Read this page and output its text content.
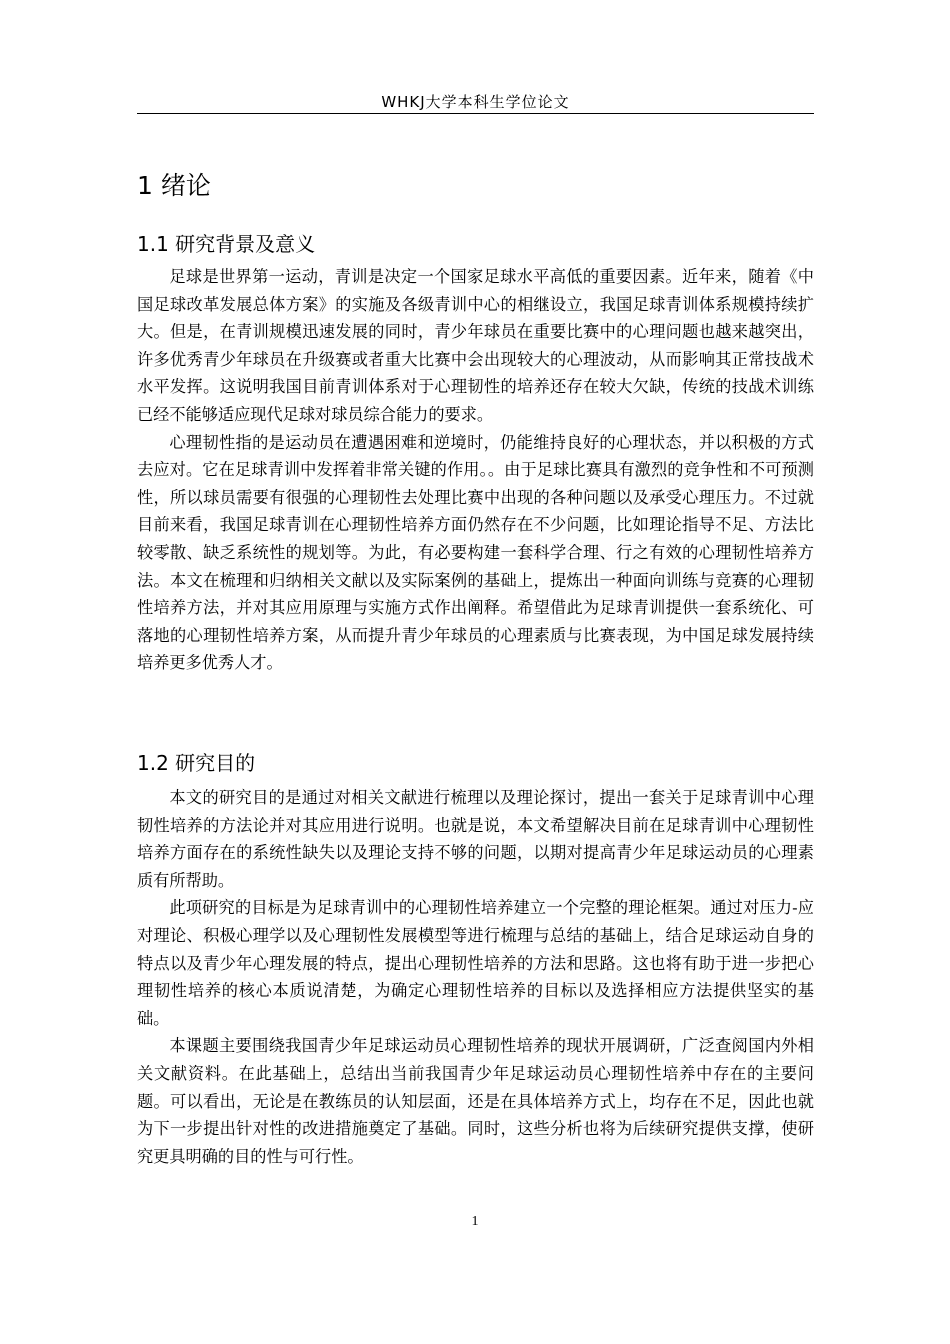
WHKJ大学本科生学位论文
1 绪论
1.1 研究背景及意义

足球是世界第一运动，青训是决定一个国家足球水平高低的重要因素。近年来，随着《中国足球改革发展总体方案》的实施及各级青训中心的相继设立，我国足球青训体系规模持续扩大。但是，在青训规模迅速发展的同时，青少年球员在重要比赛中的心理问题也越来越突出，许多优秀青少年球员在升级赛或者重大比赛中会出现较大的心理波动，从而影响其正常技战术水平发挥。这说明我国目前青训体系对于心理韧性的培养还存在较大欠缺，传统的技战术训练已经不能够适应现代足球对球员综合能力的要求。

心理韧性指的是运动员在遭遇困难和逆境时，仍能维持良好的心理状态，并以积极的方式去应对。它在足球青训中发挥着非常关键的作用。。由于足球比赛具有激烈的竞争性和不可预测性，所以球员需要有很强的心理韧性去处理比赛中出现的各种问题以及承受心理压力。不过就目前来看，我国足球青训在心理韧性培养方面仍然存在不少问题，比如理论指导不足、方法比较零散、缺乏系统性的规划等。为此，有必要构建一套科学合理、行之有效的心理韧性培养方法。本文在梳理和归纳相关文献以及实际案例的基础上，提炼出一种面向训练与竞赛的心理韧性培养方法，并对其应用原理与实施方式作出阐释。希望借此为足球青训提供一套系统化、可落地的心理韧性培养方案，从而提升青少年球员的心理素质与比赛表现，为中国足球发展持续培养更多优秀人才。

1.2 研究目的

本文的研究目的是通过对相关文献进行梳理以及理论探讨，提出一套关于足球青训中心理韧性培养的方法论并对其应用进行说明。也就是说，本文希望解决目前在足球青训中心理韧性培养方面存在的系统性缺失以及理论支持不够的问题，以期对提高青少年足球运动员的心理素质有所帮助。

此项研究的目标是为足球青训中的心理韧性培养建立一个完整的理论框架。通过对压力-应对理论、积极心理学以及心理韧性发展模型等进行梳理与总结的基础上，结合足球运动自身的特点以及青少年心理发展的特点，提出心理韧性培养的方法和思路。这也将有助于进一步把心理韧性培养的核心本质说清楚，为确定心理韧性培养的目标以及选择相应方法提供坚实的基础。

本课题主要围绕我国青少年足球运动员心理韧性培养的现状开展调研，广泛查阅国内外相关文献资料。在此基础上，总结出当前我国青少年足球运动员心理韧性培养中存在的主要问题。可以看出，无论是在教练员的认知层面，还是在具体培养方式上，均存在不足，因此也就为下一步提出针对性的改进措施奠定了基础。同时，这些分析也将为后续研究提供支撑，使研究更具明确的目的性与可行性。

1
